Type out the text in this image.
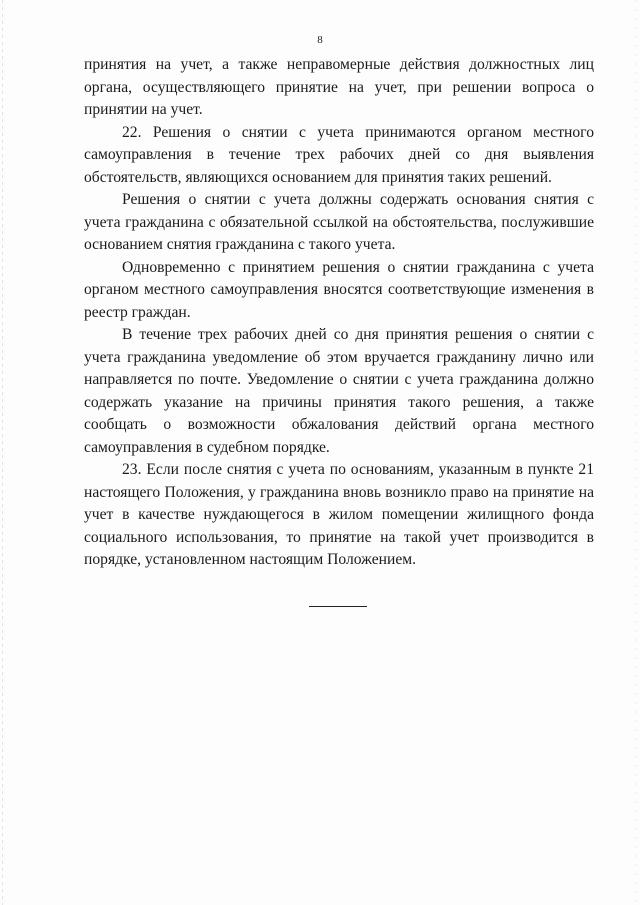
8

принятия на учет, а также неправомерные действия должностных лиц органа, осуществляющего принятие на учет, при решении вопроса о принятии на учет.

22. Решения о снятии с учета принимаются органом местного самоуправления в течение трех рабочих дней со дня выявления обстоятельств, являющихся основанием для принятия таких решений.

Решения о снятии с учета должны содержать основания снятия с учета гражданина с обязательной ссылкой на обстоятельства, послужившие основанием снятия гражданина с такого учета.

Одновременно с принятием решения о снятии гражданина с учета органом местного самоуправления вносятся соответствующие изменения в реестр граждан.

В течение трех рабочих дней со дня принятия решения о снятии с учета гражданина уведомление об этом вручается гражданину лично или направляется по почте. Уведомление о снятии с учета гражданина должно содержать указание на причины принятия такого решения, а также сообщать о возможности обжалования действий органа местного самоуправления в судебном порядке.

23. Если после снятия с учета по основаниям, указанным в пункте 21 настоящего Положения, у гражданина вновь возникло право на принятие на учет в качестве нуждающегося в жилом помещении жилищного фонда социального использования, то принятие на такой учет производится в порядке, установленном настоящим Положением.
